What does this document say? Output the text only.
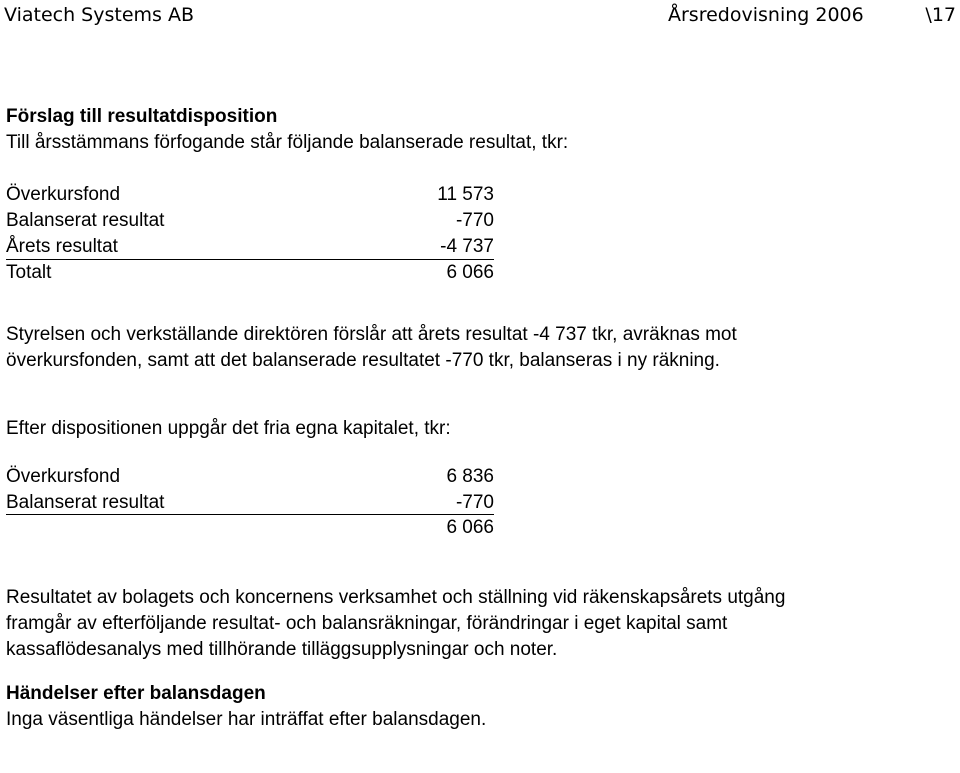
Viatech Systems AB	Årsredovisning 2006	\17

Förslag till resultatdisposition

Till årsstämmans förfogande står följande balanserade resultat, tkr:

Överkursfond	11 573
Balanserat resultat	-770
Årets resultat	-4 737
Totalt	6 066

Styrelsen och verkställande direktören förslår att årets resultat -4 737 tkr, avräknas mot

överkursfonden, samt att det balanserade resultatet -770 tkr, balanseras i ny räkning.

Efter dispositionen uppgår det fria egna kapitalet, tkr:

Överkursfond	6 836
Balanserat resultat	-770
6 066

Resultatet av bolagets och koncernens verksamhet och ställning vid räkenskapsårets utgång

framgår av efterföljande resultat- och balansräkningar, förändringar i eget kapital samt

kassaflödesanalys med tillhörande tilläggsupplysningar och noter.

Händelser efter balansdagen

Inga väsentliga händelser har inträffat efter balansdagen.
